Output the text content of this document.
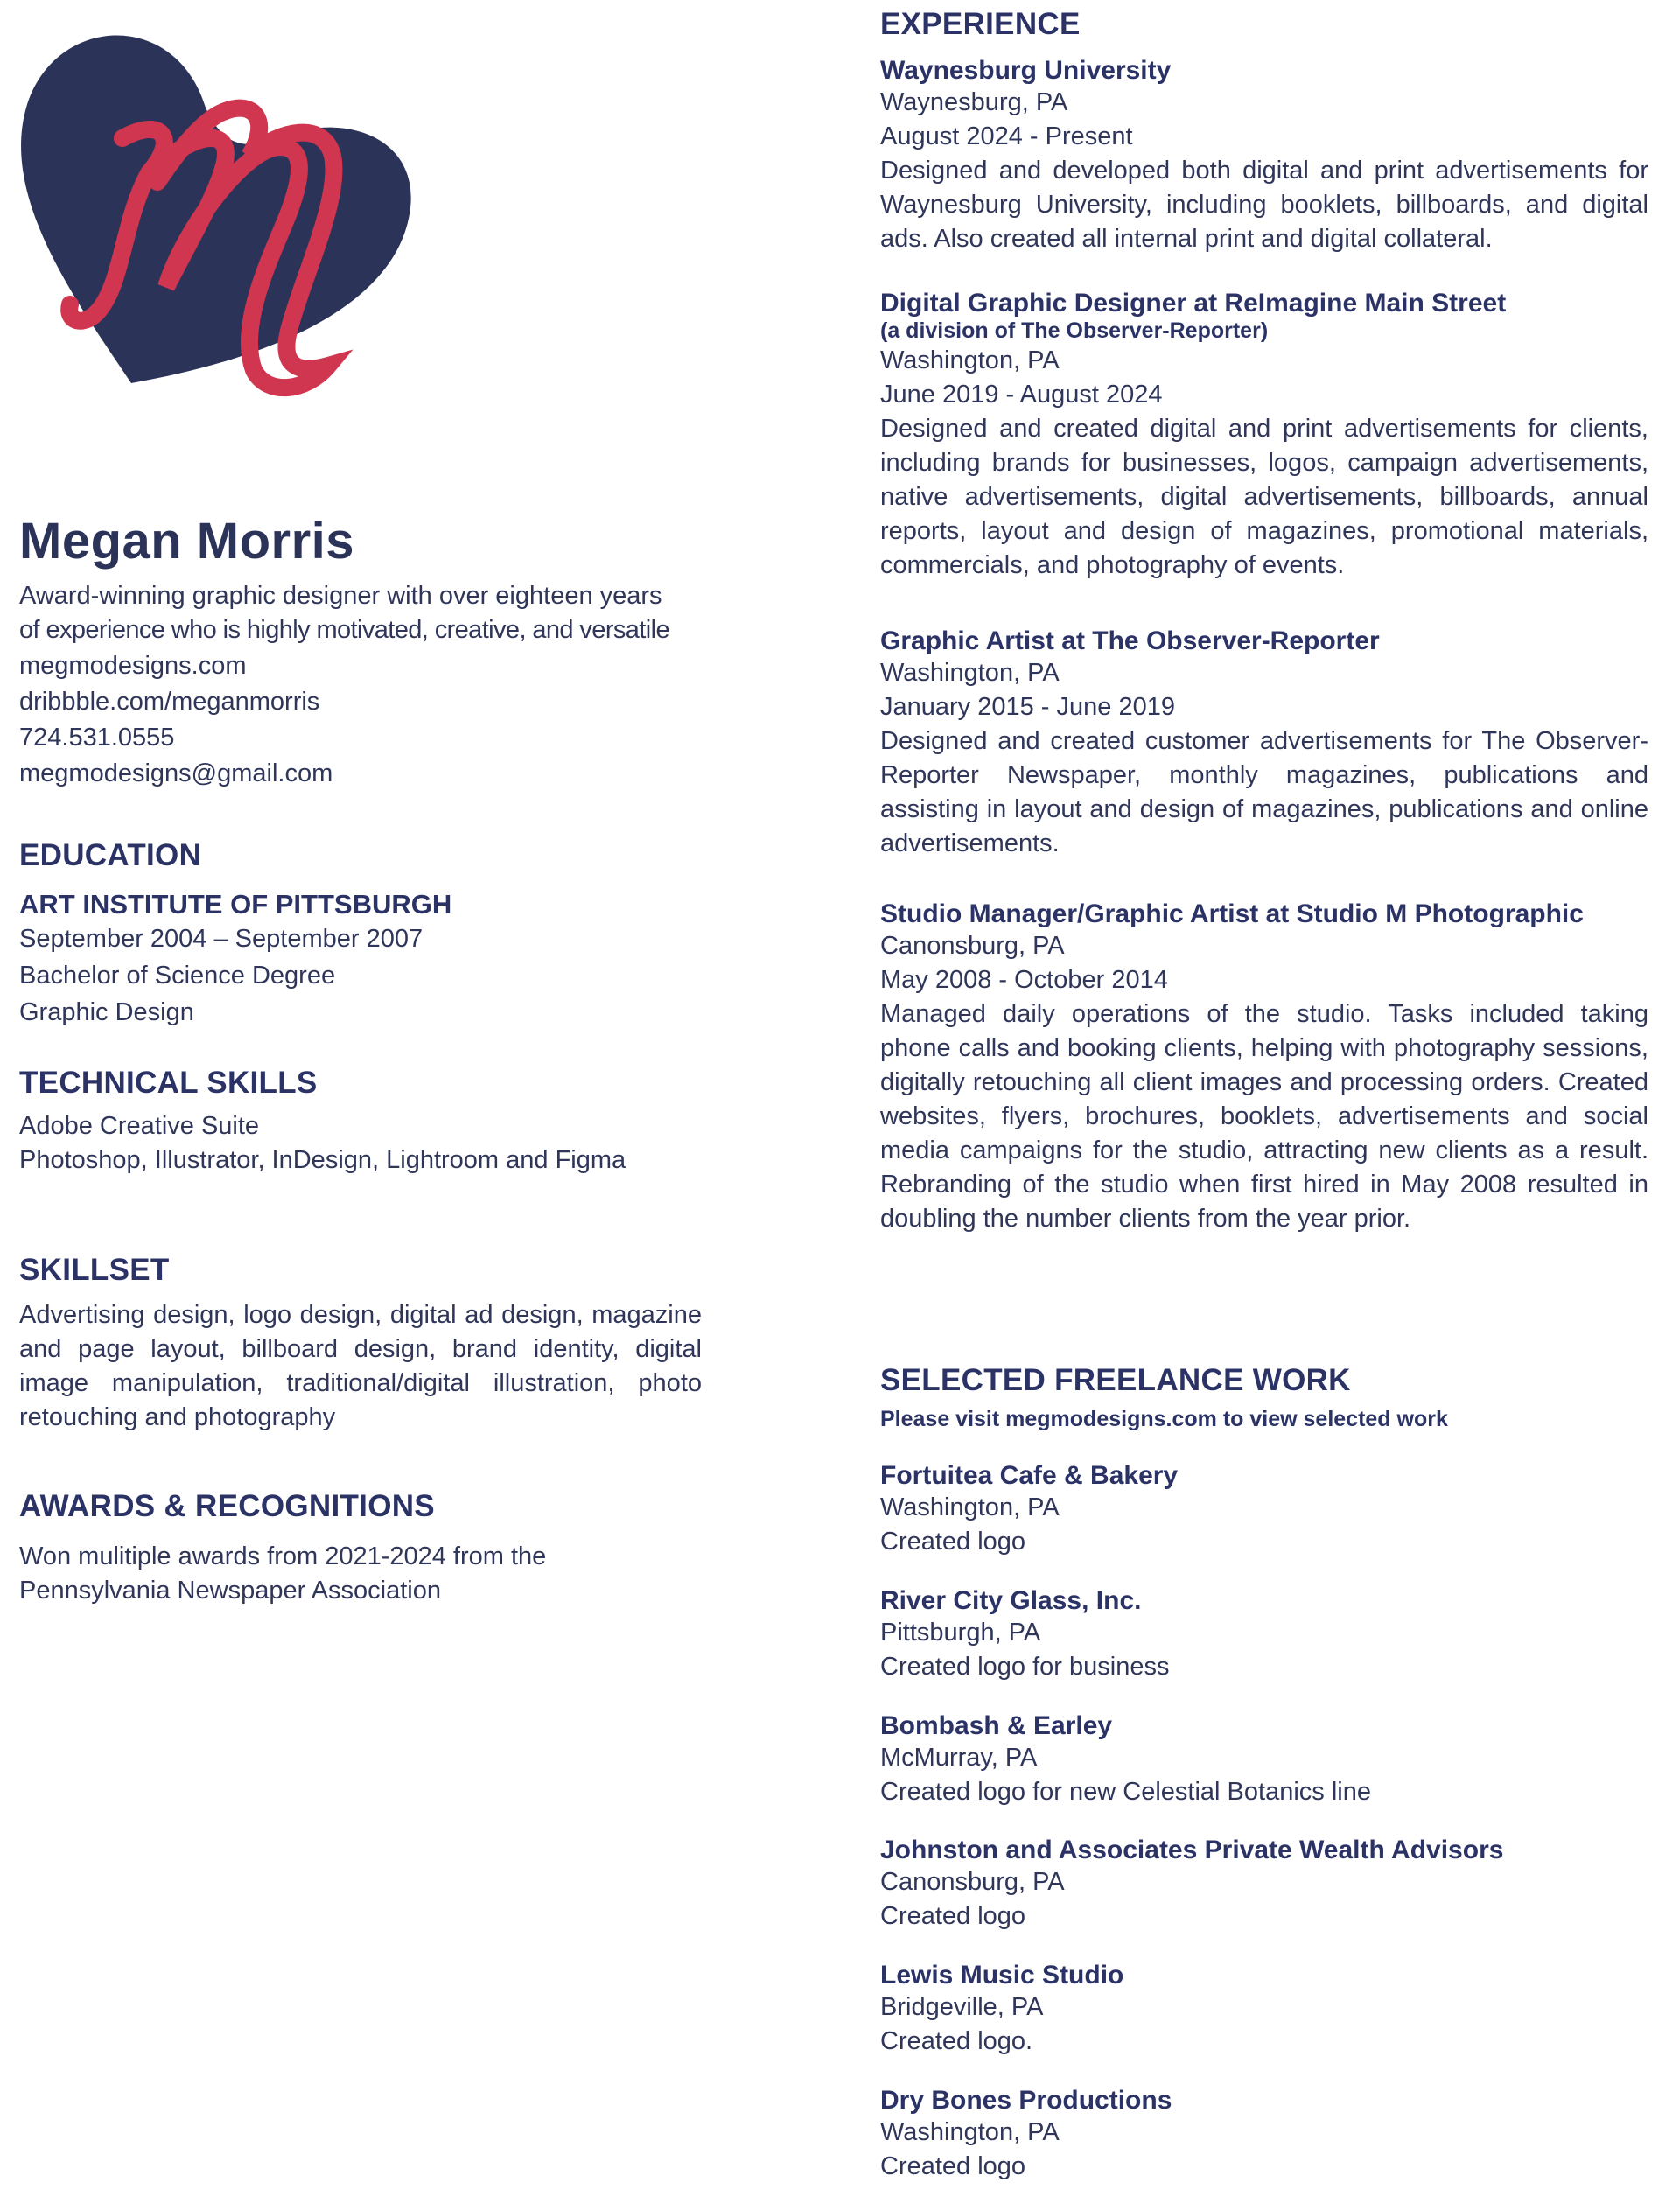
Megan Morris
Award-winning graphic designer with over eighteen years
of experience who is highly motivated, creative, and versatile
megmodesigns.com
dribbble.com/meganmorris
724.531.0555
megmodesigns@gmail.com
EDUCATION
ART INSTITUTE OF PITTSBURGH
September 2004 – September 2007
Bachelor of Science Degree
Graphic Design
TECHNICAL SKILLS
Adobe Creative Suite
Photoshop, Illustrator, InDesign, Lightroom and Figma
SKILLSET
Advertising design, logo design, digital ad design, magazine and page layout, billboard design, brand identity, digital image manipulation, traditional/digital illustration, photo retouching and photography
AWARDS & RECOGNITIONS
Won mulitiple awards from 2021-2024 from the
Pennsylvania Newspaper Association
EXPERIENCE
Waynesburg University
Waynesburg, PA
August 2024 - Present
Designed and developed both digital and print advertisements for Waynesburg University, including booklets, billboards, and digital ads. Also created all internal print and digital collateral.
Digital Graphic Designer at ReImagine Main Street
(a division of The Observer-Reporter)
Washington, PA
June 2019 - August 2024
Designed and created digital and print advertisements for clients, including brands for businesses, logos, campaign advertisements, native advertisements, digital advertisements, billboards, annual reports, layout and design of magazines, promotional materials, commercials, and photography of events.
Graphic Artist at The Observer-Reporter
Washington, PA
January 2015 - June 2019
Designed and created customer advertisements for The Observer-Reporter Newspaper, monthly magazines, publications and assisting in layout and design of magazines, publications and online advertisements.
Studio Manager/Graphic Artist at Studio M Photographic
Canonsburg, PA
May 2008 - October 2014
Managed daily operations of the studio. Tasks included taking phone calls and booking clients, helping with photography sessions, digitally retouching all client images and processing orders. Created websites, flyers, brochures, booklets, advertisements and social media campaigns for the studio, attracting new clients as a result. Rebranding of the studio when first hired in May 2008 resulted in doubling the number clients from the year prior.
SELECTED FREELANCE WORK
Please visit megmodesigns.com to view selected work
Fortuitea Cafe & Bakery
Washington, PA
Created logo
River City Glass, Inc.
Pittsburgh, PA
Created logo for business
Bombash & Earley
McMurray, PA
Created logo for new Celestial Botanics line
Johnston and Associates Private Wealth Advisors
Canonsburg, PA
Created logo
Lewis Music Studio
Bridgeville, PA
Created logo.
Dry Bones Productions
Washington, PA
Created logo
